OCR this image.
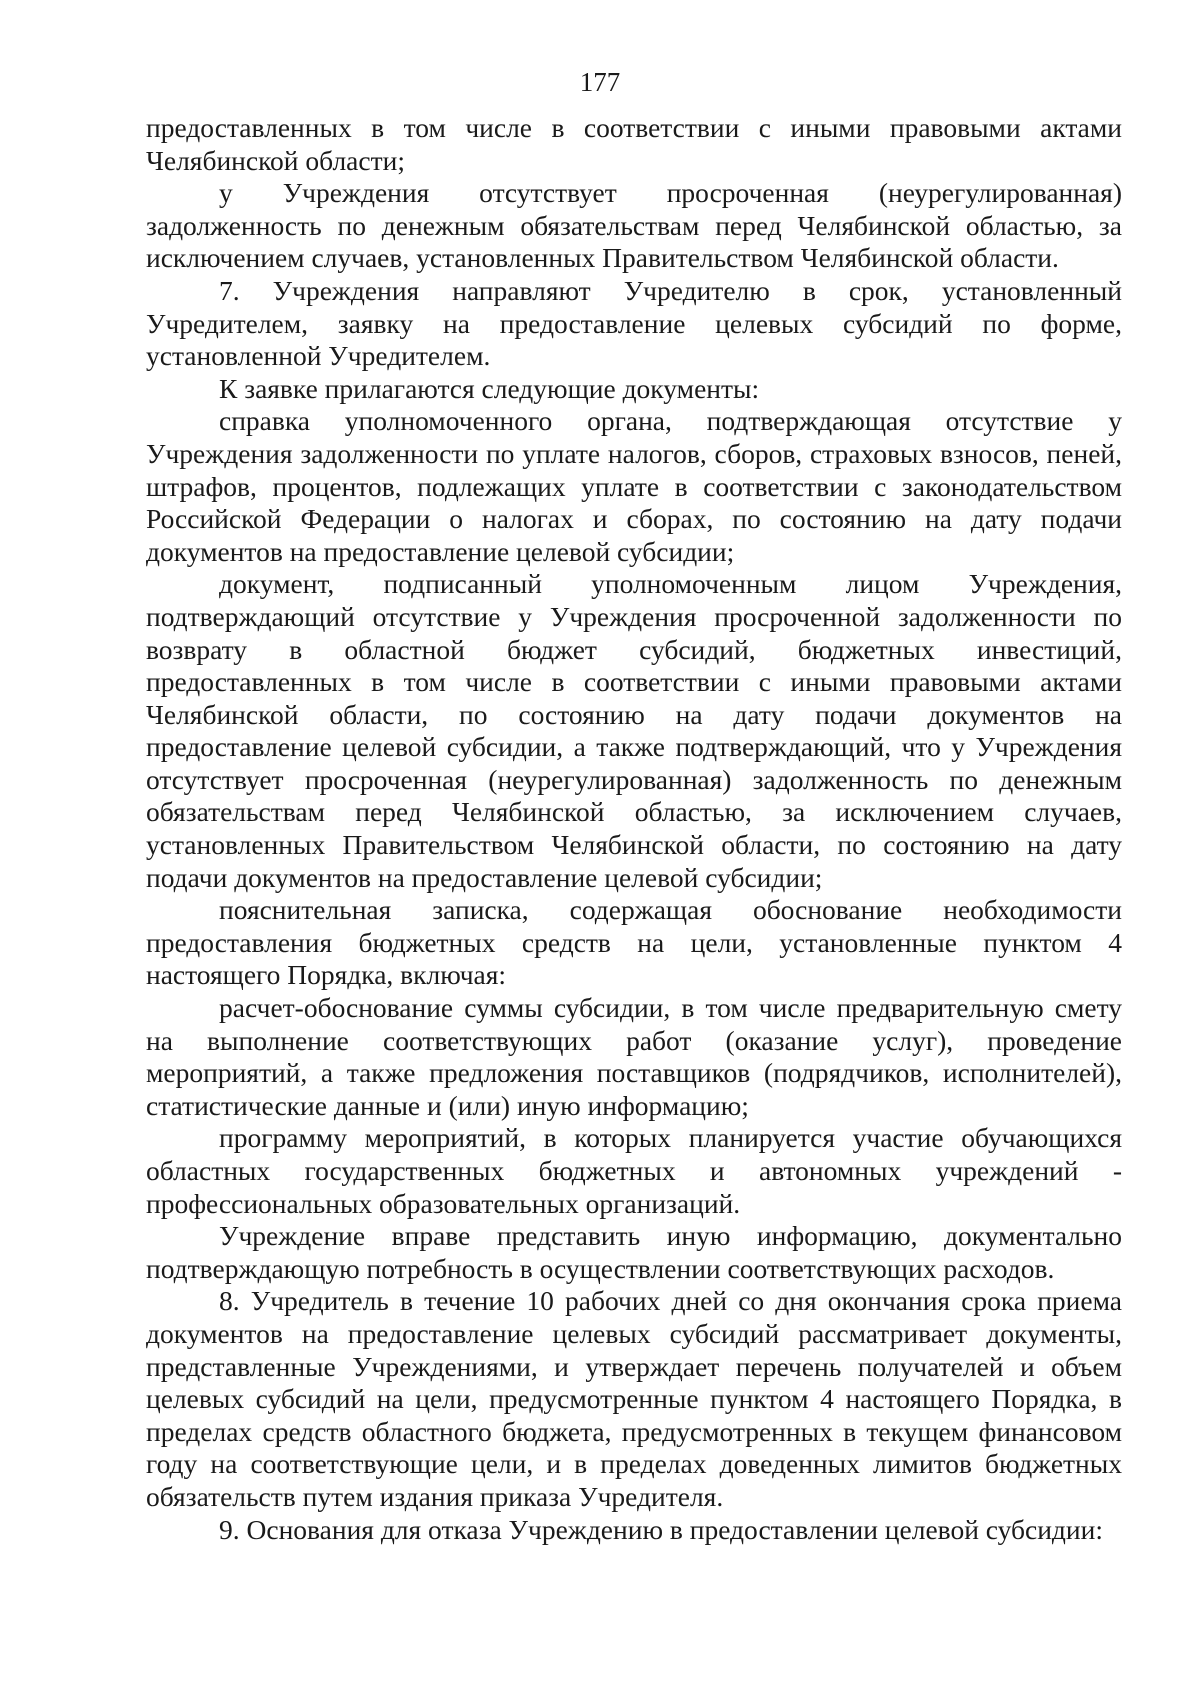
177

предоставленных в том числе в соответствии с иными правовыми актами Челябинской области;

у Учреждения отсутствует просроченная (неурегулированная) задолженность по денежным обязательствам перед Челябинской областью, за исключением случаев, установленных Правительством Челябинской области.

7. Учреждения направляют Учредителю в срок, установленный Учредителем, заявку на предоставление целевых субсидий по форме, установленной Учредителем.

К заявке прилагаются следующие документы:

справка уполномоченного органа, подтверждающая отсутствие у Учреждения задолженности по уплате налогов, сборов, страховых взносов, пеней, штрафов, процентов, подлежащих уплате в соответствии с законодательством Российской Федерации о налогах и сборах, по состоянию на дату подачи документов на предоставление целевой субсидии;

документ, подписанный уполномоченным лицом Учреждения, подтверждающий отсутствие у Учреждения просроченной задолженности по возврату в областной бюджет субсидий, бюджетных инвестиций, предоставленных в том числе в соответствии с иными правовыми актами Челябинской области, по состоянию на дату подачи документов на предоставление целевой субсидии, а также подтверждающий, что у Учреждения отсутствует просроченная (неурегулированная) задолженность по денежным обязательствам перед Челябинской областью, за исключением случаев, установленных Правительством Челябинской области, по состоянию на дату подачи документов на предоставление целевой субсидии;

пояснительная записка, содержащая обоснование необходимости предоставления бюджетных средств на цели, установленные пунктом 4 настоящего Порядка, включая:

расчет-обоснование суммы субсидии, в том числе предварительную смету на выполнение соответствующих работ (оказание услуг), проведение мероприятий, а также предложения поставщиков (подрядчиков, исполнителей), статистические данные и (или) иную информацию;

программу мероприятий, в которых планируется участие обучающихся областных государственных бюджетных и автономных учреждений - профессиональных образовательных организаций.

Учреждение вправе представить иную информацию, документально подтверждающую потребность в осуществлении соответствующих расходов.

8. Учредитель в течение 10 рабочих дней со дня окончания срока приема документов на предоставление целевых субсидий рассматривает документы, представленные Учреждениями, и утверждает перечень получателей и объем целевых субсидий на цели, предусмотренные пунктом 4 настоящего Порядка, в пределах средств областного бюджета, предусмотренных в текущем финансовом году на соответствующие цели, и в пределах доведенных лимитов бюджетных обязательств путем издания приказа Учредителя.

9. Основания для отказа Учреждению в предоставлении целевой субсидии:
